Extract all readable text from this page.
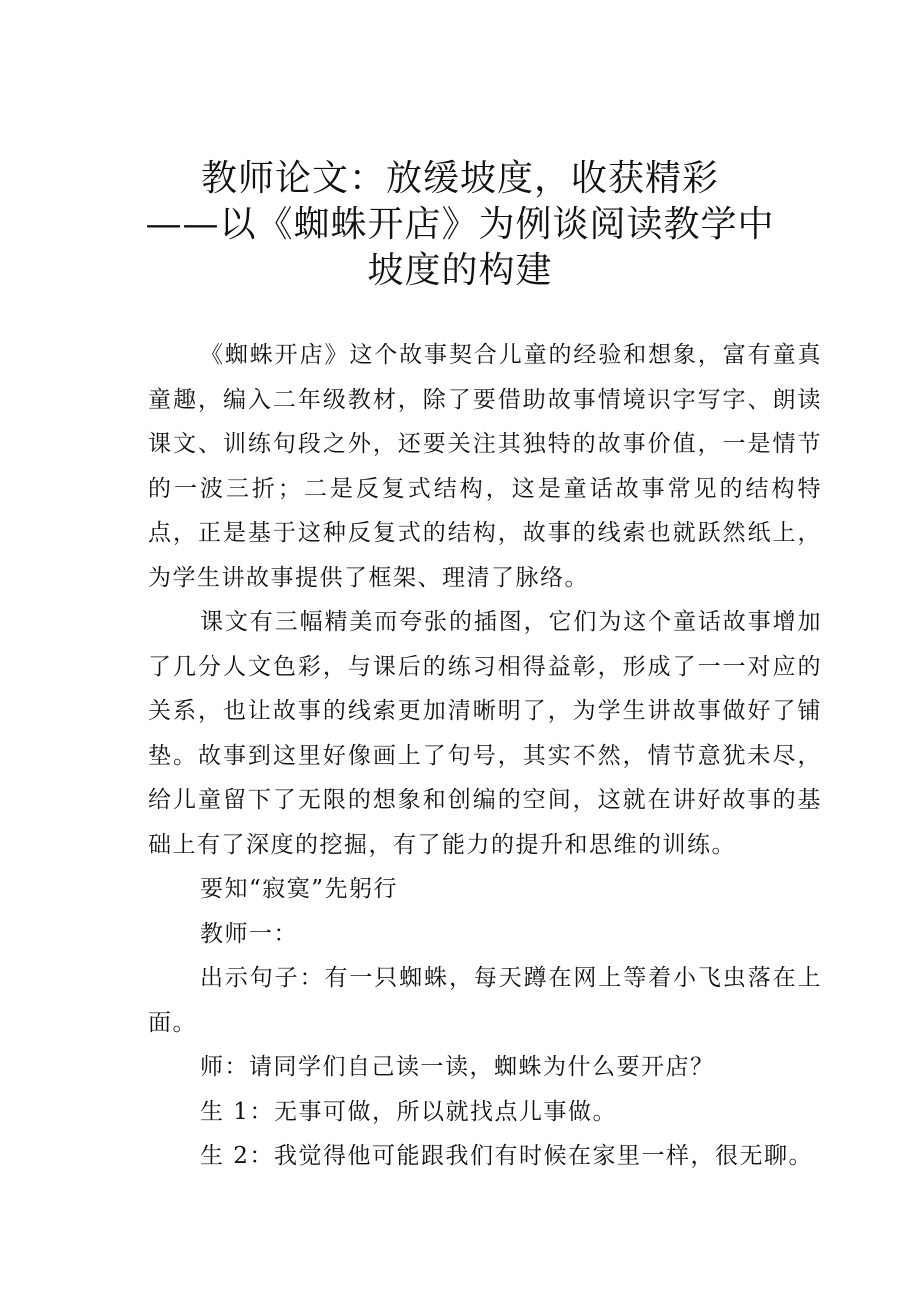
教师论文：放缓坡度，收获精彩
——以《蜘蛛开店》为例谈阅读教学中
坡度的构建

《蜘蛛开店》这个故事契合儿童的经验和想象，富有童真童趣，编入二年级教材，除了要借助故事情境识字写字、朗读课文、训练句段之外，还要关注其独特的故事价值，一是情节的一波三折；二是反复式结构，这是童话故事常见的结构特点，正是基于这种反复式的结构，故事的线索也就跃然纸上，为学生讲故事提供了框架、理清了脉络。

课文有三幅精美而夸张的插图，它们为这个童话故事增加了几分人文色彩，与课后的练习相得益彰，形成了一一对应的关系，也让故事的线索更加清晰明了，为学生讲故事做好了铺垫。故事到这里好像画上了句号，其实不然，情节意犹未尽，给儿童留下了无限的想象和创编的空间，这就在讲好故事的基础上有了深度的挖掘，有了能力的提升和思维的训练。

要知“寂寞”先躬行

教师一：

出示句子：有一只蜘蛛，每天蹲在网上等着小飞虫落在上面。

师：请同学们自己读一读，蜘蛛为什么要开店？

生 1：无事可做，所以就找点儿事做。

生 2：我觉得他可能跟我们有时候在家里一样，很无聊。
